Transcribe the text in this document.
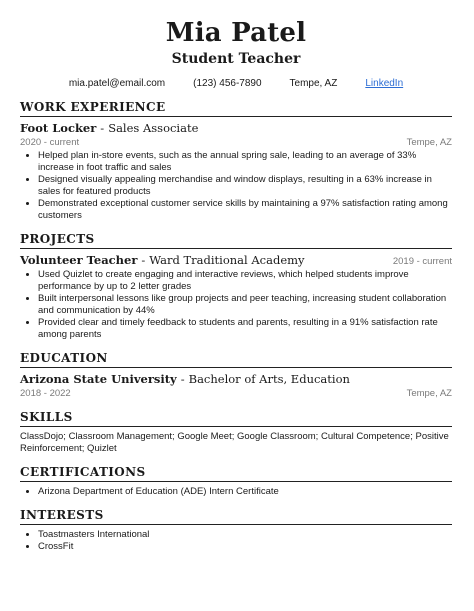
Mia Patel
Student Teacher
mia.patel@email.com	(123) 456-7890	Tempe, AZ	LinkedIn
WORK EXPERIENCE
Foot Locker - Sales Associate
2020 - current	Tempe, AZ
• Helped plan in-store events, such as the annual spring sale, leading to an average of 33% increase in foot traffic and sales
• Designed visually appealing merchandise and window displays, resulting in a 63% increase in sales for featured products
• Demonstrated exceptional customer service skills by maintaining a 97% satisfaction rating among customers
PROJECTS
Volunteer Teacher - Ward Traditional Academy	2019 - current
• Used Quizlet to create engaging and interactive reviews, which helped students improve performance by up to 2 letter grades
• Built interpersonal lessons like group projects and peer teaching, increasing student collaboration and communication by 44%
• Provided clear and timely feedback to students and parents, resulting in a 91% satisfaction rate among parents
EDUCATION
Arizona State University - Bachelor of Arts, Education
2018 - 2022	Tempe, AZ
SKILLS
ClassDojo; Classroom Management; Google Meet; Google Classroom; Cultural Competence; Positive Reinforcement; Quizlet
CERTIFICATIONS
• Arizona Department of Education (ADE) Intern Certificate
INTERESTS
• Toastmasters International
• CrossFit
